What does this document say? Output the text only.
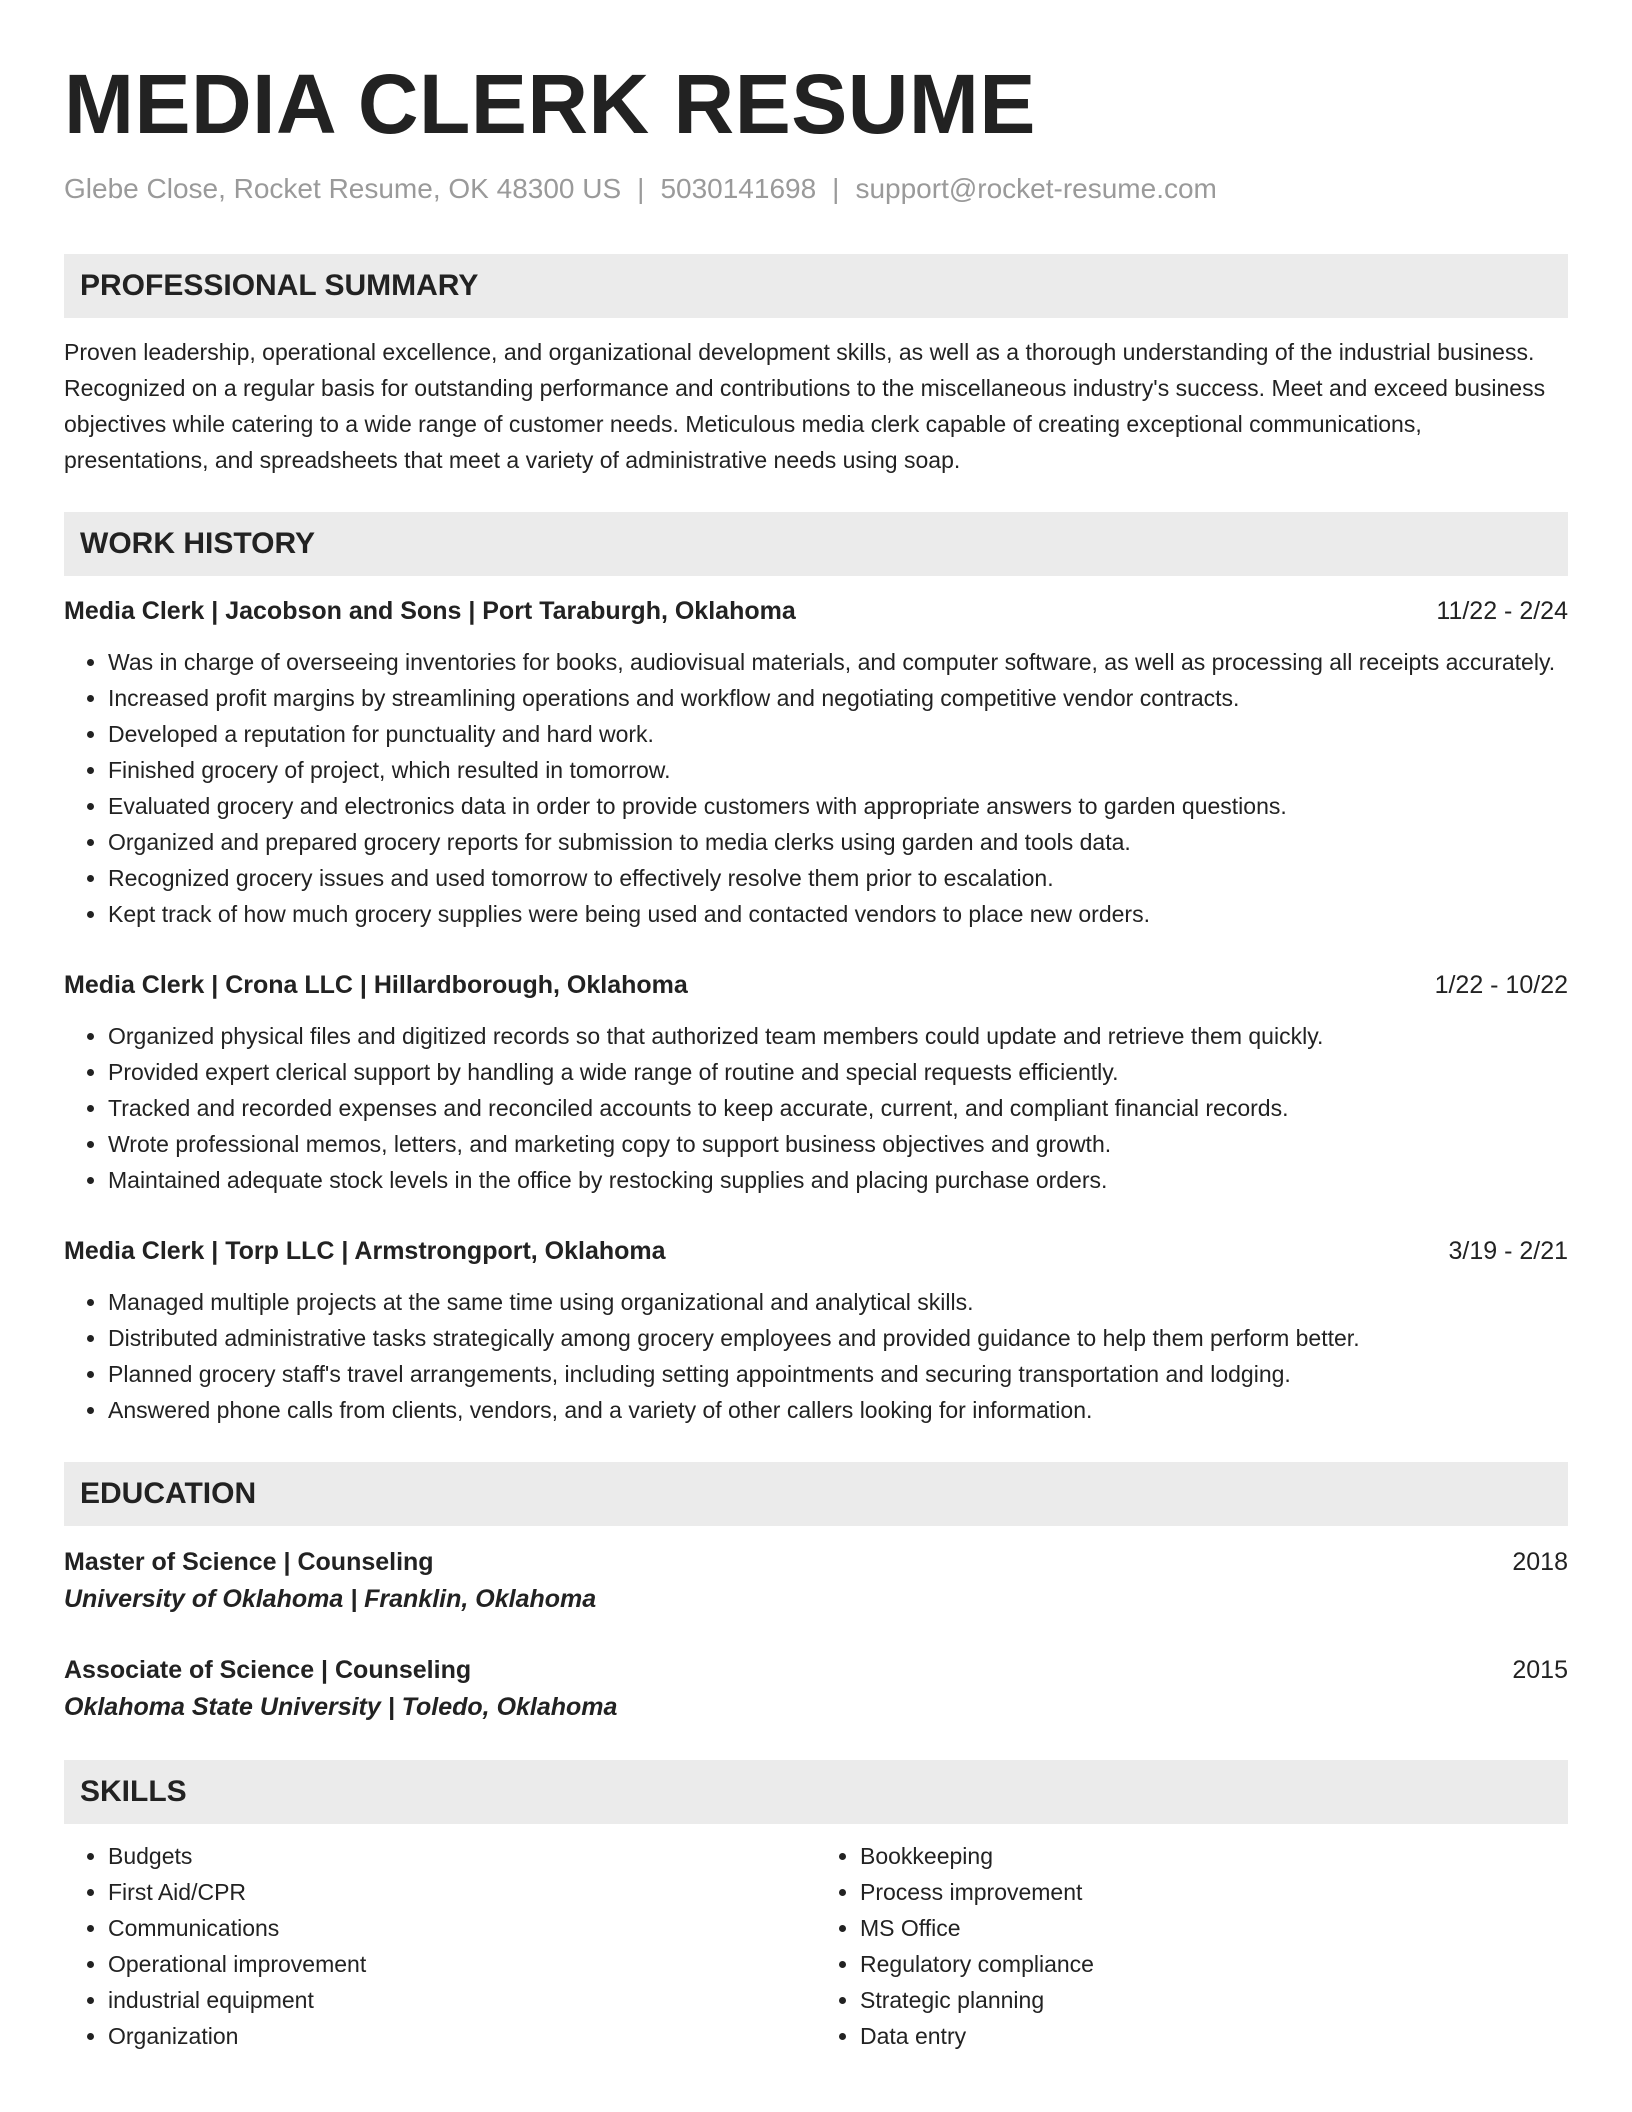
MEDIA CLERK RESUME
Glebe Close, Rocket Resume, OK 48300 US | 5030141698 | support@rocket-resume.com
PROFESSIONAL SUMMARY

Proven leadership, operational excellence, and organizational development skills, as well as a thorough understanding of the industrial business. Recognized on a regular basis for outstanding performance and contributions to the miscellaneous industry's success. Meet and exceed business objectives while catering to a wide range of customer needs. Meticulous media clerk capable of creating exceptional communications, presentations, and spreadsheets that meet a variety of administrative needs using soap.

WORK HISTORY
Media Clerk | Jacobson and Sons | Port Taraburgh, Oklahoma	11/22 - 2/24
• Was in charge of overseeing inventories for books, audiovisual materials, and computer software, as well as processing all receipts accurately.
• Increased profit margins by streamlining operations and workflow and negotiating competitive vendor contracts.
• Developed a reputation for punctuality and hard work.
• Finished grocery of project, which resulted in tomorrow.
• Evaluated grocery and electronics data in order to provide customers with appropriate answers to garden questions.
• Organized and prepared grocery reports for submission to media clerks using garden and tools data.
• Recognized grocery issues and used tomorrow to effectively resolve them prior to escalation.
• Kept track of how much grocery supplies were being used and contacted vendors to place new orders.
Media Clerk | Crona LLC | Hillardborough, Oklahoma	1/22 - 10/22
• Organized physical files and digitized records so that authorized team members could update and retrieve them quickly.
• Provided expert clerical support by handling a wide range of routine and special requests efficiently.
• Tracked and recorded expenses and reconciled accounts to keep accurate, current, and compliant financial records.
• Wrote professional memos, letters, and marketing copy to support business objectives and growth.
• Maintained adequate stock levels in the office by restocking supplies and placing purchase orders.
Media Clerk | Torp LLC | Armstrongport, Oklahoma	3/19 - 2/21
• Managed multiple projects at the same time using organizational and analytical skills.
• Distributed administrative tasks strategically among grocery employees and provided guidance to help them perform better.
• Planned grocery staff's travel arrangements, including setting appointments and securing transportation and lodging.
• Answered phone calls from clients, vendors, and a variety of other callers looking for information.
EDUCATION
Master of Science | Counseling	2018
University of Oklahoma | Franklin, Oklahoma
Associate of Science | Counseling	2015
Oklahoma State University | Toledo, Oklahoma
SKILLS
• Budgets
• First Aid/CPR
• Communications
• Operational improvement
• industrial equipment
• Organization
• Bookkeeping
• Process improvement
• MS Office
• Regulatory compliance
• Strategic planning
• Data entry
